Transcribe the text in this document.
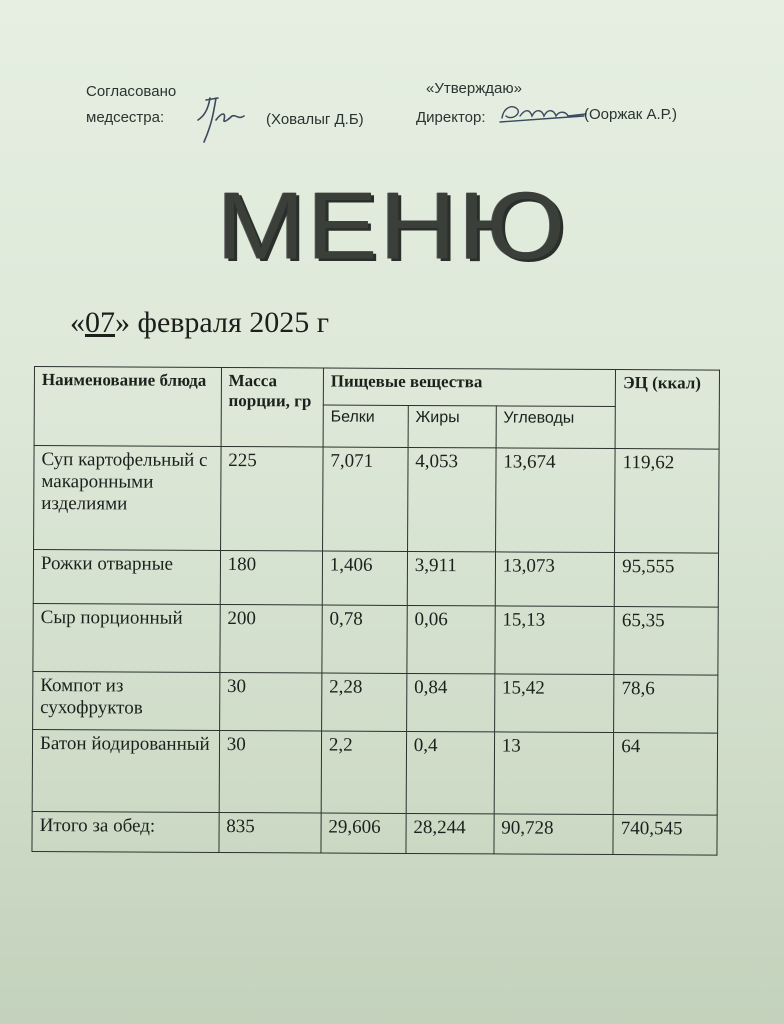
Согласовано
медсестра:	(Ховалыг Д.Б)
«Утверждаю»
Директор:	(Ооржак А.Р.)
МЕНЮ
«07» февраля 2025 г
Наименование блюда	Масса порции, гр	Пищевые вещества			ЭЦ (ккал)
		Белки	Жиры	Углеводы	
Суп картофельный с макаронными изделиями	225	7,071	4,053	13,674	119,62
Рожки отварные	180	1,406	3,911	13,073	95,555
Сыр порционный	200	0,78	0,06	15,13	65,35
Компот из сухофруктов	30	2,28	0,84	15,42	78,6
Батон йодированный	30	2,2	0,4	13	64
Итого за обед:	835	29,606	28,244	90,728	740,545
